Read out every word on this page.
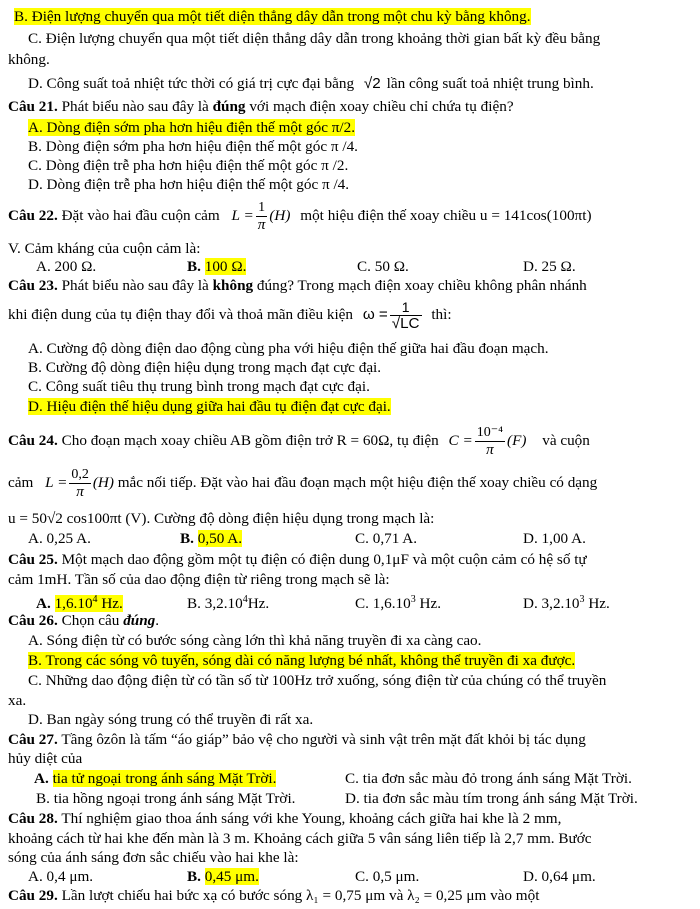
B. Điện lượng chuyển qua một tiết diện thẳng dây dẫn trong một chu kỳ bằng không.
C. Điện lượng chuyển qua một tiết diện thẳng dây dẫn trong khoảng thời gian bất kỳ đều bằng
không.
D. Công suất toả nhiệt tức thời có giá trị cực đại bằng √2 lần công suất toả nhiệt trung bình.
Câu 21. Phát biểu nào sau đây là đúng với mạch điện xoay chiều chỉ chứa tụ điện?
A. Dòng điện sớm pha hơn hiệu điện thế một góc π/2.
B. Dòng điện sớm pha hơn hiệu điện thế một góc π /4.
C. Dòng điện trễ pha hơn hiệu điện thế một góc π /2.
D. Dòng điện trễ pha hơn hiệu điện thế một góc π /4.
Câu 22. Đặt vào hai đầu cuộn cảm $L = \frac{1}{\pi} (H)$ một hiệu điện thế xoay chiều u = 141cos(100πt)
V. Cảm kháng của cuộn cảm là:
A. 200 Ω.	B. 100 Ω.	C. 50 Ω.	D. 25 Ω.
Câu 23. Phát biểu nào sau đây là không đúng? Trong mạch điện xoay chiều không phân nhánh
khi điện dung của tụ điện thay đổi và thoả mãn điều kiện $\omega = \frac{1}{√LC}$ thì:
A. Cường độ dòng điện dao động cùng pha với hiệu điện thế giữa hai đầu đoạn mạch.
B. Cường độ dòng điện hiệu dụng trong mạch đạt cực đại.
C. Công suất tiêu thụ trung bình trong mạch đạt cực đại.
D. Hiệu điện thế hiệu dụng giữa hai đầu tụ điện đạt cực đại.
Câu 24. Cho đoạn mạch xoay chiều AB gồm điện trở R = 60Ω, tụ điện $C = \frac{\text{10⁻⁴}}{\pi} (F)$ và cuộn
cảm $L = \frac{0,2}{\pi} (H)$ mắc nối tiếp. Đặt vào hai đầu đoạn mạch một hiệu điện thế xoay chiều có dạng
u = 50√2 cos100πt (V). Cường độ dòng điện hiệu dụng trong mạch là:
A. 0,25 A.	B. 0,50 A.	C. 0,71 A.	D. 1,00 A.
Câu 25. Một mạch dao động gồm một tụ điện có điện dung 0,1μF và một cuộn cảm có hệ số tự
cảm 1mH. Tần số của dao động điện từ riêng trong mạch sẽ là:
A. 1,6.10$^4$ Hz.	B. 3,2.10$^4$Hz.	C. 1,6.10$^3$ Hz.	D. 3,2.10$^3$ Hz.
Câu 26. Chọn câu đúng.
A. Sóng điện từ có bước sóng càng lớn thì khả năng truyền đi xa càng cao.
B. Trong các sóng vô tuyến, sóng dài có năng lượng bé nhất, không thể truyền đi xa được.
C. Những dao động điện từ có tần số từ 100Hz trở xuống, sóng điện từ của chúng có thể truyền
xa.
D. Ban ngày sóng trung có thể truyền đi rất xa.
Câu 27. Tầng ôzôn là tấm “áo giáp” bảo vệ cho người và sinh vật trên mặt đất khỏi bị tác dụng
hủy diệt của
A. tia tử ngoại trong ánh sáng Mặt Trời.	C. tia đơn sắc màu đỏ trong ánh sáng Mặt Trời.
B. tia hồng ngoại trong ánh sáng Mặt Trời.	D. tia đơn sắc màu tím trong ánh sáng Mặt Trời.
Câu 28. Thí nghiệm giao thoa ánh sáng với khe Young, khoảng cách giữa hai khe là 2 mm,
khoảng cách từ hai khe đến màn là 3 m. Khoảng cách giữa 5 vân sáng liên tiếp là 2,7 mm. Bước
sóng của ánh sáng đơn sắc chiếu vào hai khe là:
A. 0,4 μm.	B. 0,45 μm.	C. 0,5 μm.	D. 0,64 μm.
Câu 29. Lần lượt chiếu hai bức xạ có bước sóng λ₁ = 0,75 μm và λ₂ = 0,25 μm vào một
